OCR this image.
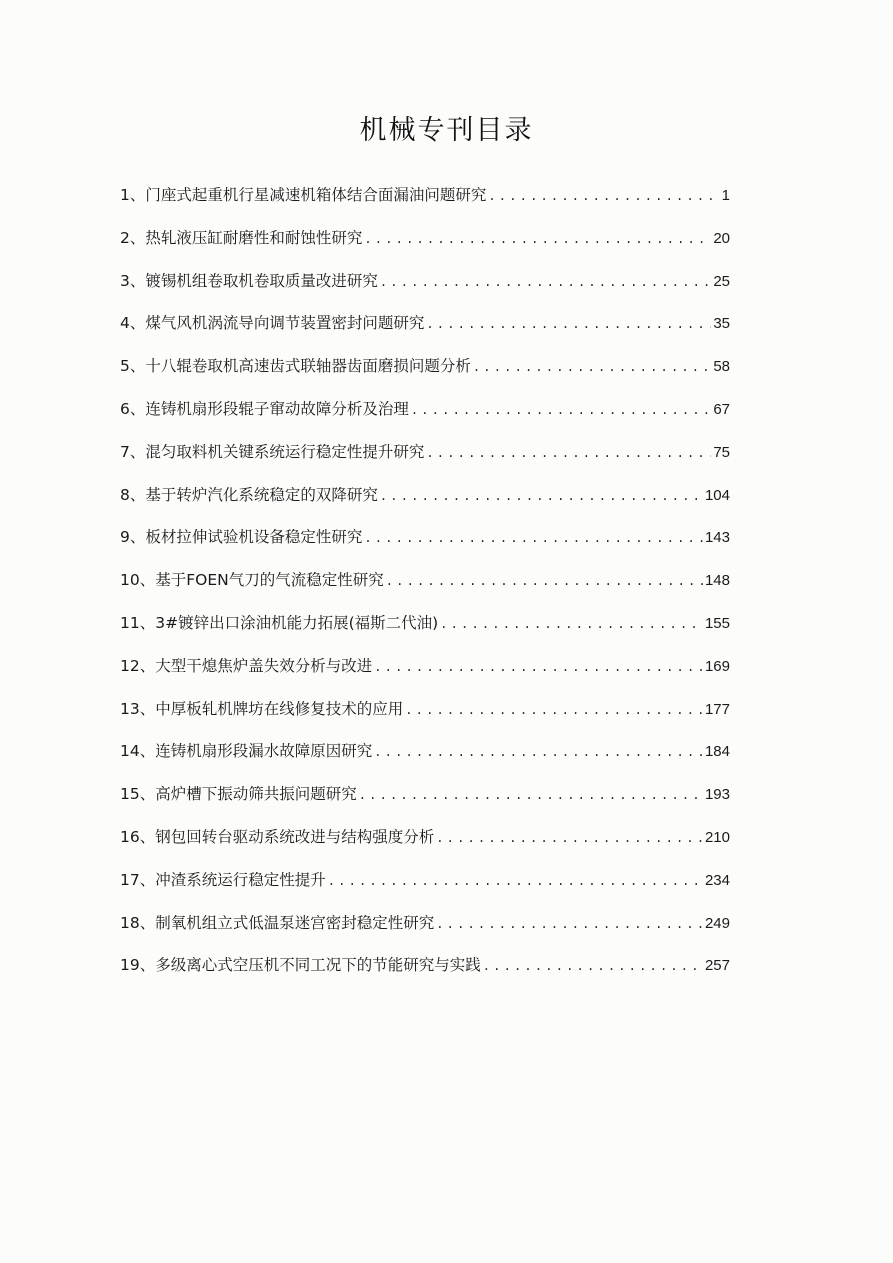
机械专刊目录
1、门座式起重机行星减速机箱体结合面漏油问题研究 .....	1
2、热轧液压缸耐磨性和耐蚀性研究 .....	20
3、镀锡机组卷取机卷取质量改进研究 .....	25
4、煤气风机涡流导向调节装置密封问题研究 .....	35
5、十八辊卷取机高速齿式联轴器齿面磨损问题分析 .....	58
6、连铸机扇形段辊子窜动故障分析及治理 .....	67
7、混匀取料机关键系统运行稳定性提升研究 .....	75
8、基于转炉汽化系统稳定的双降研究 .....	104
9、板材拉伸试验机设备稳定性研究 .....	143
10、基于FOEN气刀的气流稳定性研究 .....	148
11、3#镀锌出口涂油机能力拓展(福斯二代油) .....	155
12、大型干熄焦炉盖失效分析与改进 .....	169
13、中厚板轧机牌坊在线修复技术的应用 .....	177
14、连铸机扇形段漏水故障原因研究 .....	184
15、高炉槽下振动筛共振问题研究 .....	193
16、钢包回转台驱动系统改进与结构强度分析 .....	210
17、冲渣系统运行稳定性提升 .....	234
18、制氧机组立式低温泵迷宫密封稳定性研究 .....	249
19、多级离心式空压机不同工况下的节能研究与实践 .....	257
